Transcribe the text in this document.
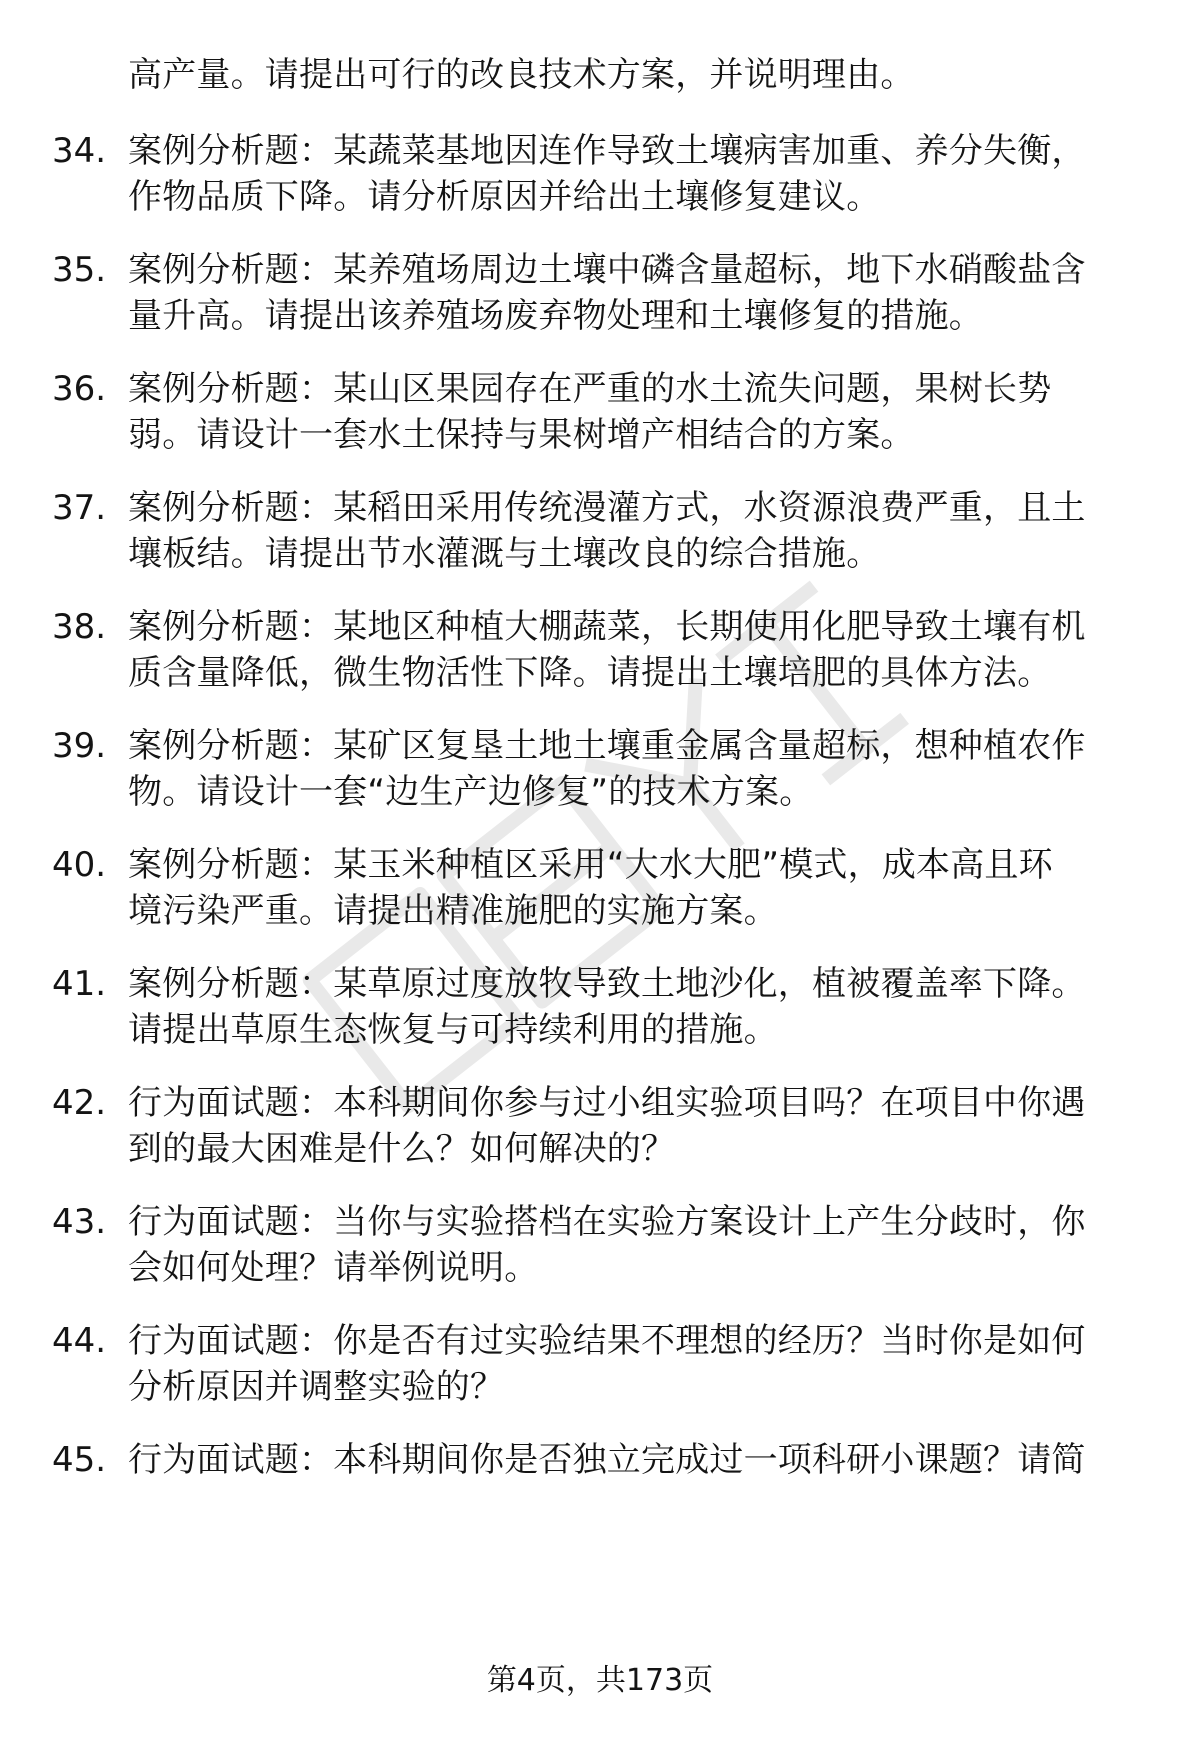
高产量。请提出可行的改良技术方案，并说明理由。
34. 案例分析题：某蔬菜基地因连作导致土壤病害加重、养分失衡，
作物品质下降。请分析原因并给出土壤修复建议。
35. 案例分析题：某养殖场周边土壤中磷含量超标，地下水硝酸盐含
量升高。请提出该养殖场废弃物处理和土壤修复的措施。
36. 案例分析题：某山区果园存在严重的水土流失问题，果树长势
弱。请设计一套水土保持与果树增产相结合的方案。
37. 案例分析题：某稻田采用传统漫灌方式，水资源浪费严重，且土
壤板结。请提出节水灌溉与土壤改良的综合措施。
38. 案例分析题：某地区种植大棚蔬菜，长期使用化肥导致土壤有机
质含量降低，微生物活性下降。请提出土壤培肥的具体方法。
39. 案例分析题：某矿区复垦土地土壤重金属含量超标，想种植农作
物。请设计一套“边生产边修复”的技术方案。
40. 案例分析题：某玉米种植区采用“大水大肥”模式，成本高且环
境污染严重。请提出精准施肥的实施方案。
41. 案例分析题：某草原过度放牧导致土地沙化，植被覆盖率下降。
请提出草原生态恢复与可持续利用的措施。
42. 行为面试题：本科期间你参与过小组实验项目吗？在项目中你遇
到的最大困难是什么？如何解决的？
43. 行为面试题：当你与实验搭档在实验方案设计上产生分歧时，你
会如何处理？请举例说明。
44. 行为面试题：你是否有过实验结果不理想的经历？当时你是如何
分析原因并调整实验的？
45. 行为面试题：本科期间你是否独立完成过一项科研小课题？请简
第4页，共173页
